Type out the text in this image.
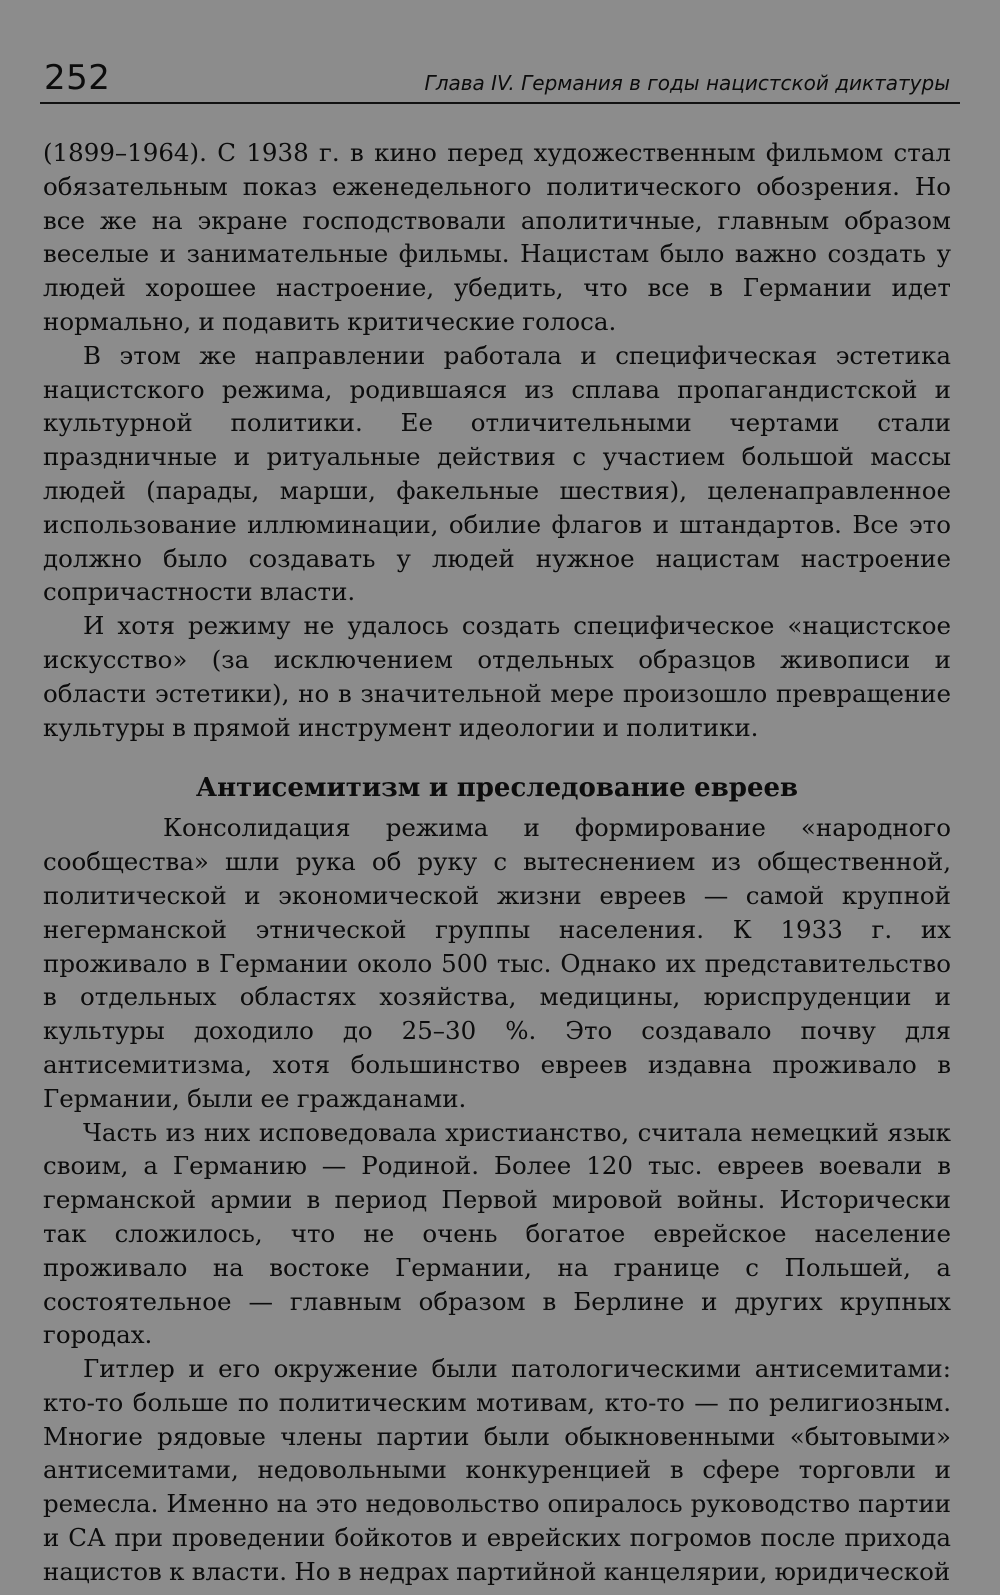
252	Глава IV. Германия в годы нацистской диктатуры

(1899–1964). С 1938 г. в кино перед художественным фильмом стал обязательным показ еженедельного политического обозрения. Но все же на экране господствовали аполитичные, главным образом веселые и занимательные фильмы. Нацистам было важно создать у людей хорошее настроение, убедить, что все в Германии идет нормально, и подавить критические голоса.

В этом же направлении работала и специфическая эстетика нацистского режима, родившаяся из сплава пропагандистской и культурной политики. Ее отличительными чертами стали праздничные и ритуальные действия с участием большой массы людей (парады, марши, факельные шествия), целенаправленное использование иллюминации, обилие флагов и штандартов. Все это должно было создавать у людей нужное нацистам настроение сопричастности власти.

И хотя режиму не удалось создать специфическое «нацистское искусство» (за исключением отдельных образцов живописи и области эстетики), но в значительной мере произошло превращение культуры в прямой инструмент идеологии и политики.

Антисемитизм и преследование евреев

Консолидация режима и формирование «народного сообщества» шли рука об руку с вытеснением из общественной, политической и экономической жизни евреев — самой крупной негерманской этнической группы населения. К 1933 г. их проживало в Германии около 500 тыс. Однако их представительство в отдельных областях хозяйства, медицины, юриспруденции и культуры доходило до 25–30 %. Это создавало почву для антисемитизма, хотя большинство евреев издавна проживало в Германии, были ее гражданами.

Часть из них исповедовала христианство, считала немецкий язык своим, а Германию — Родиной. Более 120 тыс. евреев воевали в германской армии в период Первой мировой войны. Исторически так сложилось, что не очень богатое еврейское население проживало на востоке Германии, на границе с Польшей, а состоятельное — главным образом в Берлине и других крупных городах.

Гитлер и его окружение были патологическими антисемитами: кто-то больше по политическим мотивам, кто-то — по религиозным. Многие рядовые члены партии были обыкновенными «бытовыми» антисемитами, недовольными конкуренцией в сфере торговли и ремесла. Именно на это недовольство опиралось руководство партии и СА при проведении бойкотов и еврейских погромов после прихода нацистов к власти. Но в недрах партийной канцелярии, юридической
